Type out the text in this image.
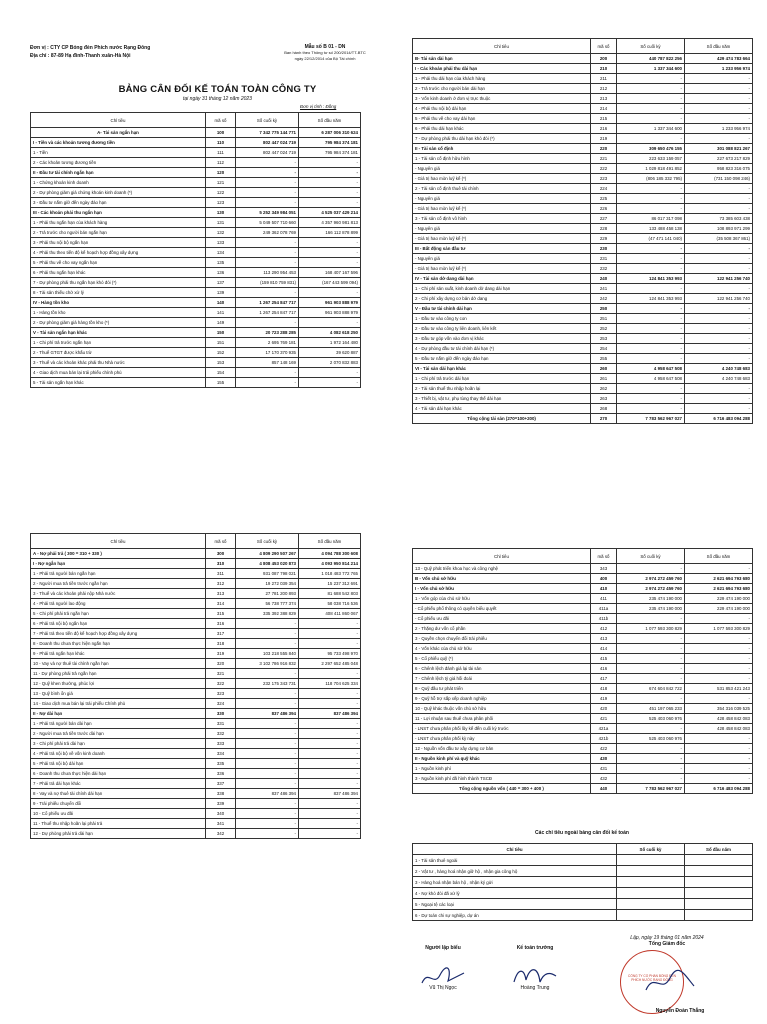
Đơn vị : CTY CP Bóng đèn Phích nước Rạng Đông
Địa chỉ : 87-89 Hạ đình-Thanh xuân-Hà Nội
Mẫu số B 01 - DN
Ban hành theo Thông tư số 200/2014/TT-BTC
ngày 22/12/2014 của Bộ Tài chính
BẢNG CÂN ĐỐI KẾ TOÁN TOÀN CÔNG TY
tại ngày 31 tháng 12 năm 2023
Đơn vị tính : Đồng
Chỉ tiêu	mã số	Số cuối kỳ	Số đầu năm
A- Tài sản ngắn hạn	100	7 342 775 144 771	6 287 006 310 624
I - Tiền và các khoản tương đương tiền	110	802 447 024 719	795 984 374 181
1 - Tiền	111	802 447 024 719	795 984 374 181
2 - Các khoản tương đương tiền	112	-	-
II - Đầu tư tài chính ngắn hạn	120	-	-
1 - Chứng khoán kinh doanh	121	-	-
2 - Dự phòng giảm giá chứng khoán kinh doanh (*)	122	-	-
3 - Đầu tư nắm giữ đến ngày đáo hạn	123	-	-
III - Các khoản phải thu ngắn hạn	130	5 252 349 984 051	4 525 037 429 214
1 - Phải thu ngắn hạn của khách hàng	131	5 049 507 710 660	4 357 960 981 813
2 - Trả trước cho người bán ngắn hạn	132	249 362 078 769	166 112 878 899
3 - Phải thu nội bộ ngắn hạn	133	-	-
4 - Phải thu theo tiến độ kế hoạch hợp đồng xây dựng	134	-	-
5 - Phải thu về cho vay ngắn hạn	135	-	-
6 - Phải thu ngắn hạn khác	136	113 290 954 453	168 407 167 596
7 - Dự phòng phải thu ngắn hạn khó đòi (*)	137	(159 810 759 831)	(167 443 599 094)
8 - Tài sản thiếu chờ xử lý	139	-	-
IV - Hàng tồn kho	140	1 267 254 847 717	961 903 888 979
1 - Hàng tồn kho	141	1 267 254 847 717	961 903 888 979
2 - Dự phòng giảm giá hàng tồn kho (*)	149	-	-
V - Tài sản ngắn hạn khác	150	20 723 288 285	4 082 618 250
1 - Chi phí trả trước ngắn hạn	151	2 695 769 181	1 972 164 480
2 - Thuế GTGT được khấu trừ	152	17 170 370 935	39 620 887
3 - Thuế và các khoản khác phải thu Nhà nước	153	857 148 169	2 070 832 883
4 - Giao dịch mua bán lại trái phiếu chính phủ	154	-	-
5 - Tài sản ngắn hạn khác	155	-	-
Chỉ tiêu	mã số	Số cuối kỳ	Số đầu năm
B- Tài sản dài hạn	200	440 787 822 256	429 474 783 664
I - Các khoản phải thu dài hạn	210	1 337 344 600	1 233 956 974
1 - Phải thu dài hạn của khách hàng	211	-	-
2 - Trả trước cho người bán dài hạn	212	-	-
3 - Vốn kinh doanh ở đơn vị trực thuộc	213	-	-
4 - Phải thu nội bộ dài hạn	214	-	-
5 - Phải thu về cho vay dài hạn	215	-	-
6 - Phải thu dài hạn khác	216	1 337 344 600	1 233 956 974
7 - Dự phòng phải thu dài hạn khó đòi (*)	219	-	-
II - Tài sản cố định	220	309 650 476 155	301 088 821 267
1 - Tài sản cố định hữu hình	221	223 633 159 057	227 673 217 829
- Nguyên giá	222	1 029 818 491 852	958 823 316 075
- Giá trị hao mòn luỹ kế (*)	223	(806 185 332 795)	(731 150 098 246)
2 - Tài sản cố định thuê tài chính	224	-	-
- Nguyên giá	225	-	-
- Giá trị hao mòn luỹ kế (*)	226	-	-
3 - Tài sản cố định vô hình	227	86 017 317 098	73 385 603 438
- Nguyên giá	228	133 488 458 138	108 893 971 299
- Giá trị hao mòn luỹ kế (*)	229	(47 471 141 040)	(35 508 367 861)
III - Bất động sản đầu tư	230	-	-
- Nguyên giá	231	-	-
- Giá trị hao mòn luỹ kế (*)	232	-	-
IV - Tài sản dở dang dài hạn	240	124 841 353 993	122 941 256 740
1 - Chi phí sản xuất, kinh doanh dở dang dài hạn	241	-	-
2 - Chi phí xây dựng cơ bản dở dang	242	124 841 353 993	122 941 256 740
V - Đầu tư tài chính dài hạn	250	-	-
1 - Đầu tư vào công ty con	251	-	-
2 - Đầu tư vào công ty liên doanh, liên kết	252	-	-
3 - Đầu tư góp vốn vào đơn vị khác	253	-	-
4 - Dự phòng đầu tư tài chính dài hạn (*)	254	-	-
5 - Đầu tư nắm giữ đến ngày đáo hạn	255	-	-
VI - Tài sản dài hạn khác	260	4 958 647 508	4 240 748 683
1 - Chi phí trả trước dài hạn	261	4 958 647 508	4 240 748 683
2 - Tài sản thuế thu nhập hoãn lại	262	-	-
3 - Thiết bị, vật tư, phụ tùng thay thế dài hạn	263	-	-
4 - Tài sản dài hạn khác	268	-	-
Tổng cộng tài sản (270=100+200)	270	7 783 562 967 027	6 716 483 094 288
Chỉ tiêu	mã số	Số cuối kỳ	Số đầu năm
A - Nợ phải trả ( 300 = 310 + 330 )	300	4 809 290 507 267	4 094 788 300 608
I - Nợ ngắn hạn	310	4 808 453 020 873	4 093 950 814 214
1 - Phải trả người bán ngắn hạn	311	931 087 798 021	1 018 483 772 765
2 - Người mua trả tiền trước ngắn hạn	312	19 272 039 354	15 237 312 691
3 - Thuế và các khoản phải nộp Nhà nước	313	27 781 200 893	81 688 542 803
4 - Phải trả người lao động	314	56 738 777 374	58 038 716 536
5 - Chi phí phải trả ngắn hạn	315	335 392 388 829	408 411 860 067
6 - Phải trả nội bộ ngắn hạn	316	-	-
7 - Phải trả theo tiến độ kế hoạch hợp đồng xây dựng	317	-	-
8 - Doanh thu chưa thực hiện ngắn hạn	318	-	-
9 - Phải trả ngắn hạn khác	319	103 218 555 840	95 733 498 970
10 - Vay và nợ thuê tài chính ngắn hạn	320	3 102 786 916 832	2 297 652 485 048
11 - Dự phòng phải trả ngắn hạn	321	-	-
12 - Quỹ khen thưởng, phúc lợi	322	232 175 343 731	118 704 625 334
13 - Quỹ bình ổn giá	323	-	-
14 - Giao dịch mua bán lại trái phiếu Chính phủ	324	-	-
II - Nợ dài hạn	330	837 486 394	837 486 394
1 - Phải trả người bán dài hạn	331	-	-
2 - Người mua trả tiền trước dài hạn	332	-	-
3 - Chi phí phải trả dài hạn	333	-	-
4 - Phải trả nội bộ về vốn kinh doanh	334	-	-
5 - Phải trả nội bộ dài hạn	335	-	-
6 - Doanh thu chưa thực hiện dài hạn	336	-	-
7 - Phải trả dài hạn khác	337	-	-
8 - Vay và nợ thuê tài chính dài hạn	338	837 486 394	837 486 394
9 - Trái phiếu chuyển đổi	339	-	-
10 - Cổ phiếu ưu đãi	340	-	-
11 - Thuế thu nhập hoãn lại phải trả	341	-	-
12 - Dự phòng phải trả dài hạn	342	-	-
Chỉ tiêu	mã số	Số cuối kỳ	Số đầu năm
13 - Quỹ phát triển khoa học và công nghệ	343	-	-
B - Vốn chủ sở hữu	400	2 974 272 459 760	2 621 694 793 680
I - Vốn chủ sở hữu	410	2 974 272 459 760	2 621 694 793 680
1 - Vốn góp của chủ sở hữu	411	235 474 190 000	229 474 190 000
- Cổ phiếu phổ thông có quyền biểu quyết	411a	235 474 190 000	229 474 190 000
- Cổ phiếu ưu đãi	411b	-	-
2 - Thặng dư vốn cổ phần	412	1 077 593 300 829	1 077 593 300 829
3 - Quyền chọn chuyển đổi trái phiếu	413	-	-
4 - Vốn khác của chủ sở hữu	414	-	-
5 - Cổ phiếu quỹ (*)	415	-	-
6 - Chênh lệch đánh giá lại tài sản	416	-	-
7 - Chênh lệch tỷ giá hối đoái	417	-	-
8 - Quỹ đầu tư phát triển	418	674 604 842 722	531 853 421 243
9 - Quỹ hỗ trợ sắp xếp doanh nghiệp	419	-	-
10 - Quỹ khác thuộc vốn chủ sở hữu	420	451 197 065 233	354 316 039 525
11 - Lợi nhuận sau thuế chưa phân phối	421	525 403 060 976	428 458 842 083
- LNST chưa phân phối lũy kế đến cuối kỳ trước	421a	-	428 458 842 083
- LNST chưa phân phối kỳ này	421b	525 403 060 976	-
12 - Nguồn vốn đầu tư xây dựng cơ bản	422	-	-
II - Nguồn kinh phí và quỹ khác	430	-	-
1 - Nguồn kinh phí	431	-	-
3 - Nguồn kinh phí đã hình thành TSCĐ	432	-	-
Tổng cộng nguồn vốn ( 440 = 300 + 400 )	440	7 783 562 967 027	6 716 483 094 288
Các chỉ tiêu ngoài bảng cân đối kế toán
Chỉ tiêu	Số cuối kỳ	Số đầu năm
1 - Tài sản thuê ngoài		
2 - Vật tư , hàng hoá nhận giữ hộ , nhận gia công hộ		
3 - Hàng hoá nhận bán hộ , nhận ký gửi		
4 - Nợ khó đòi đã xử lý		
5 - Ngoại tệ các loại		
6 - Dự toán chi sự nghiệp, dự án		
Người lập biểu
Vũ Thị Ngọc
Kế toán trưởng
Hoàng Trung
Lập, ngày 19 tháng 01 năm 2024
Tổng Giám đốc
CÔNG TY CỔ PHẦN BÓNG ĐÈN PHÍCH NƯỚC RẠNG ĐÔNG
Nguyễn Đoàn Thắng
